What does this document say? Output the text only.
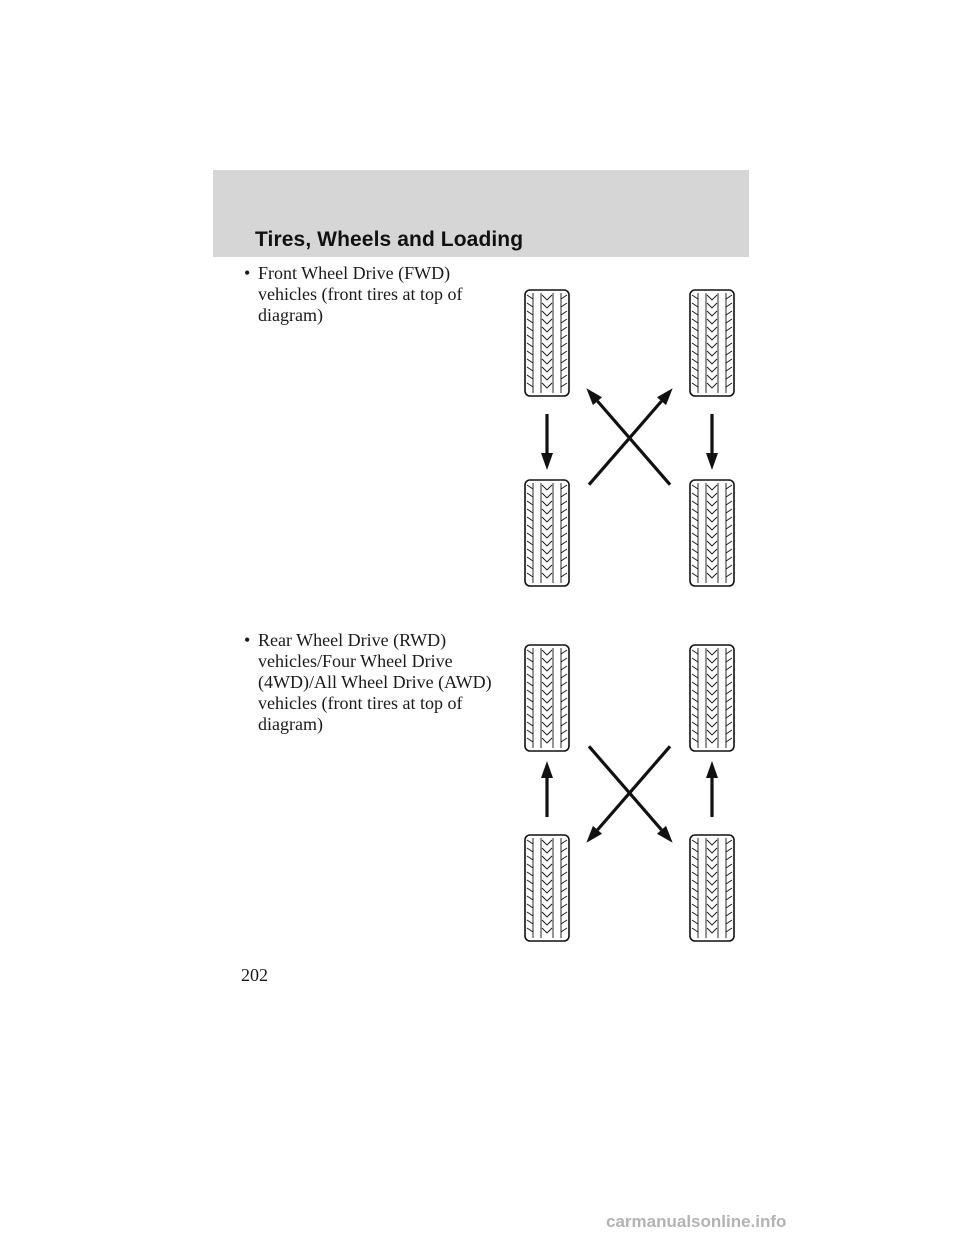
Tires, Wheels and Loading
• Front Wheel Drive (FWD)
vehicles (front tires at top of
diagram)
• Rear Wheel Drive (RWD)
vehicles/Four Wheel Drive
(4WD)/All Wheel Drive (AWD)
vehicles (front tires at top of
diagram)
202
carmanualsonline.info
